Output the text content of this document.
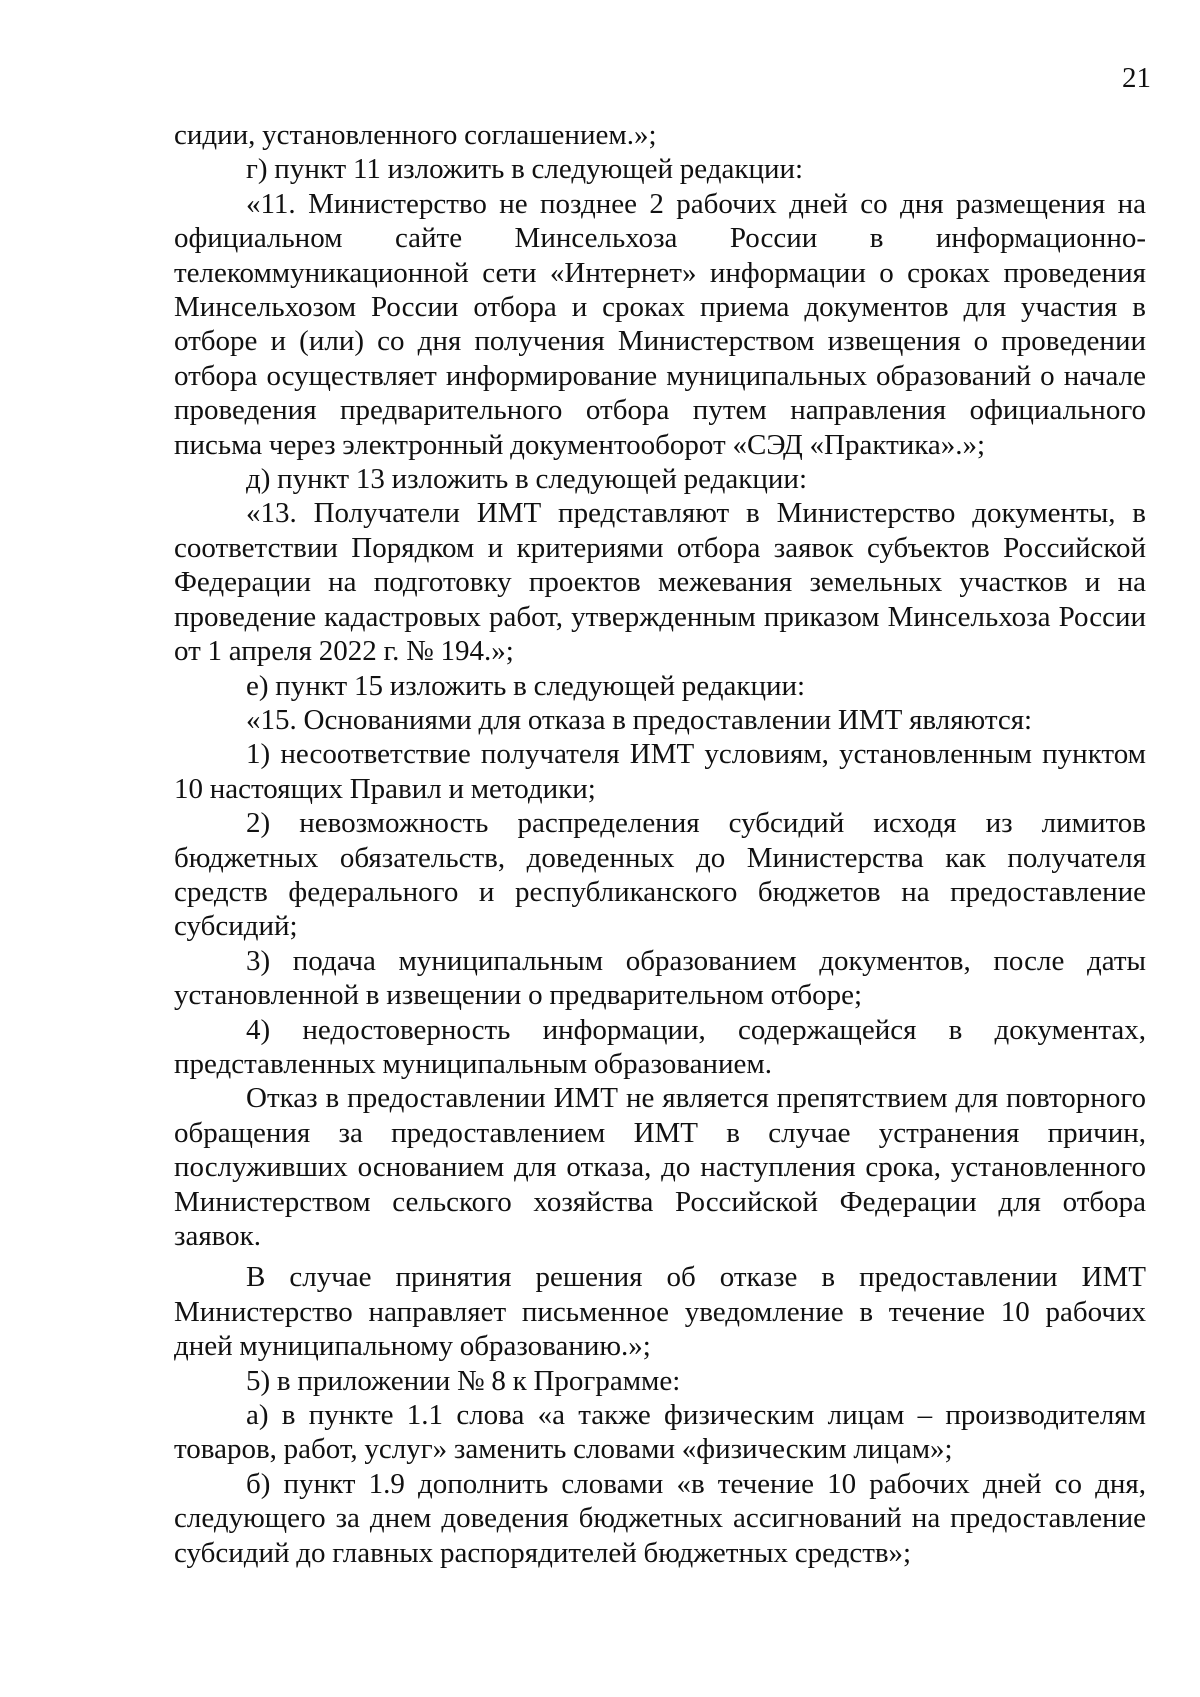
21

сидии, установленного соглашением.»;

г) пункт 11 изложить в следующей редакции:

«11. Министерство не позднее 2 рабочих дней со дня размещения на официальном сайте Минсельхоза России в информационно-телекоммуникационной сети «Интернет» информации о сроках проведения Минсельхозом России отбора и сроках приема документов для участия в отборе и (или) со дня получения Министерством извещения о проведении отбора осуществляет информирование муниципальных образований о начале проведения предварительного отбора путем направления официального письма через электронный документооборот «СЭД «Практика».»;

д) пункт 13 изложить в следующей редакции:

«13. Получатели ИМТ представляют в Министерство документы, в соответствии Порядком и критериями отбора заявок субъектов Российской Федерации на подготовку проектов межевания земельных участков и на проведение кадастровых работ, утвержденным приказом Минсельхоза России от 1 апреля 2022 г. № 194.»;

е) пункт 15 изложить в следующей редакции:

«15. Основаниями для отказа в предоставлении ИМТ являются:

1) несоответствие получателя ИМТ условиям, установленным пунктом 10 настоящих Правил и методики;

2) невозможность распределения субсидий исходя из лимитов бюджетных обязательств, доведенных до Министерства как получателя средств федерального и республиканского бюджетов на предоставление субсидий;

3) подача муниципальным образованием документов, после даты установленной в извещении о предварительном отборе;

4) недостоверность информации, содержащейся в документах, представленных муниципальным образованием.

Отказ в предоставлении ИМТ не является препятствием для повторного обращения за предоставлением ИМТ в случае устранения причин, послуживших основанием для отказа, до наступления срока, установленного Министерством сельского хозяйства Российской Федерации для отбора заявок.

В случае принятия решения об отказе в предоставлении ИМТ Министерство направляет письменное уведомление в течение 10 рабочих дней муниципальному образованию.»;

5) в приложении № 8 к Программе:

а) в пункте 1.1 слова «а также физическим лицам – производителям товаров, работ, услуг» заменить словами «физическим лицам»;

б) пункт 1.9 дополнить словами «в течение 10 рабочих дней со дня, следующего за днем доведения бюджетных ассигнований на предоставление субсидий до главных распорядителей бюджетных средств»;
